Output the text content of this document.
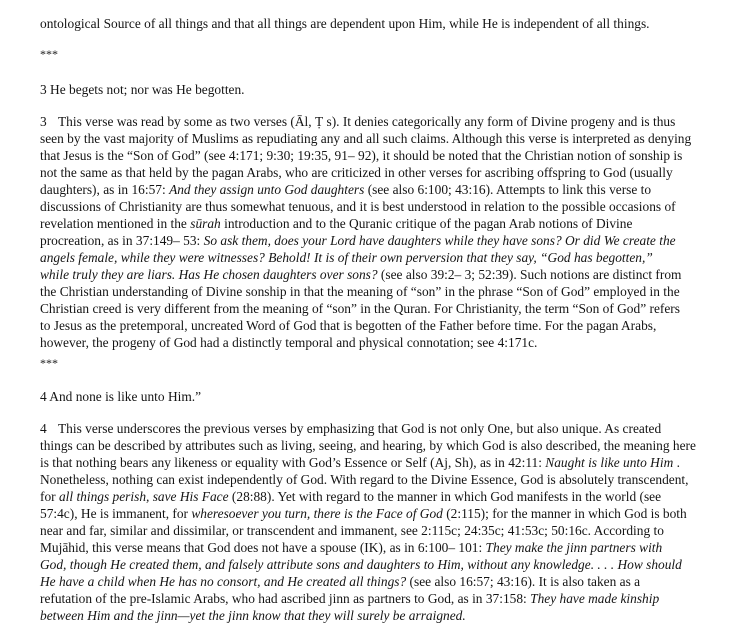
ontological Source of all things and that all things are dependent upon Him, while He is independent of all things.
***
3 He begets not; nor was He begotten.
3 This verse was read by some as two verses (Āl, Ṭ s). It denies categorically any form of Divine progeny and is thus
seen by the vast majority of Muslims as repudiating any and all such claims. Although this verse is interpreted as denying
that Jesus is the “Son of God” (see 4:171; 9:30; 19:35, 91– 92), it should be noted that the Christian notion of sonship is
not the same as that held by the pagan Arabs, who are criticized in other verses for ascribing offspring to God (usually
daughters), as in 16:57: And they assign unto God daughters (see also 6:100; 43:16). Attempts to link this verse to
discussions of Christianity are thus somewhat tenuous, and it is best understood in relation to the possible occasions of
revelation mentioned in the sūrah introduction and to the Quranic critique of the pagan Arab notions of Divine
procreation, as in 37:149– 53: So ask them, does your Lord have daughters while they have sons? Or did We create the
angels female, while they were witnesses? Behold! It is of their own perversion that they say, “God has begotten,”
while truly they are liars. Has He chosen daughters over sons? (see also 39:2– 3; 52:39). Such notions are distinct from
the Christian understanding of Divine sonship in that the meaning of “son” in the phrase “Son of God” employed in the
Christian creed is very different from the meaning of “son” in the Quran. For Christianity, the term “Son of God” refers
to Jesus as the pretemporal, uncreated Word of God that is begotten of the Father before time. For the pagan Arabs,
however, the progeny of God had a distinctly temporal and physical connotation; see 4:171c.
***
4 And none is like unto Him.”
4 This verse underscores the previous verses by emphasizing that God is not only One, but also unique. As created
things can be described by attributes such as living, seeing, and hearing, by which God is also described, the meaning here
is that nothing bears any likeness or equality with God’s Essence or Self (Aj, Sh), as in 42:11: Naught is like unto Him .
Nonetheless, nothing can exist independently of God. With regard to the Divine Essence, God is absolutely transcendent,
for all things perish, save His Face (28:88). Yet with regard to the manner in which God manifests in the world (see
57:4c), He is immanent, for wheresoever you turn, there is the Face of God (2:115); for the manner in which God is both
near and far, similar and dissimilar, or transcendent and immanent, see 2:115c; 24:35c; 41:53c; 50:16c. According to
Mujāhid, this verse means that God does not have a spouse (IK), as in 6:100– 101: They make the jinn partners with
God, though He created them, and falsely attribute sons and daughters to Him, without any knowledge. . . . How should
He have a child when He has no consort, and He created all things? (see also 16:57; 43:16). It is also taken as a
refutation of the pre-Islamic Arabs, who had ascribed jinn as partners to God, as in 37:158: They have made kinship
between Him and the jinn—yet the jinn know that they will surely be arraigned.
